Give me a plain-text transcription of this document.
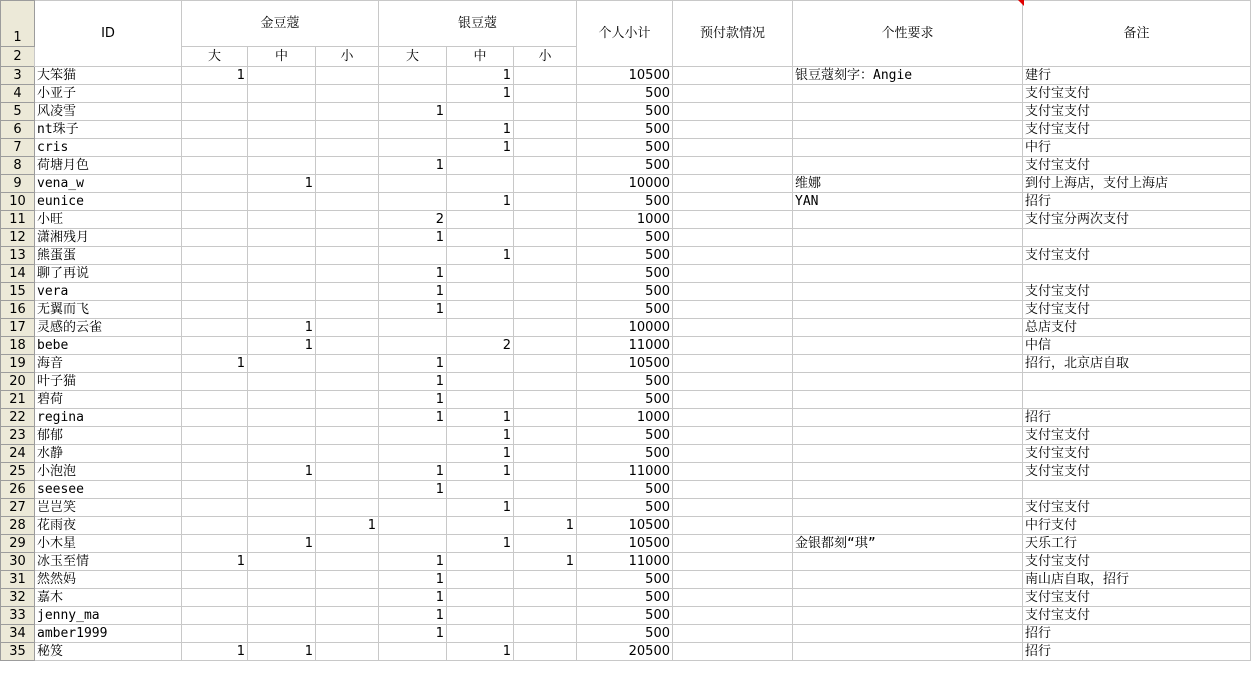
1	ID	金豆蔻			银豆蔻			个人小计	预付款情况	个性要求	备注
2		大	中	小	大	中	小				
3	大笨猫	1				1		10500		银豆蔻刻字：Angie	建行
4	小亚子					1		500			支付宝支付
5	风凌雪				1			500			支付宝支付
6	nt珠子					1		500			支付宝支付
7	cris					1		500			中行
8	荷塘月色				1			500			支付宝支付
9	vena_w		1					10000		维娜	到付上海店，支付上海店
10	eunice					1		500		YAN	招行
11	小旺				2			1000			支付宝分两次支付
12	潇湘残月				1			500			
13	熊蛋蛋					1		500			支付宝支付
14	聊了再说				1			500			
15	vera				1			500			支付宝支付
16	无翼而飞				1			500			支付宝支付
17	灵感的云雀		1					10000			总店支付
18	bebe		1			2		11000			中信
19	海音	1			1			10500			招行，北京店自取
20	叶子猫				1			500			
21	碧荷				1			500			
22	regina				1	1		1000			招行
23	郁郁					1		500			支付宝支付
24	水静					1		500			支付宝支付
25	小泡泡		1		1	1		11000			支付宝支付
26	seesee				1			500			
27	岂岂笑					1		500			支付宝支付
28	花雨夜			1			1	10500			中行支付
29	小木星		1			1		10500		金银都刻“琪”	天乐工行
30	冰玉至情	1			1		1	11000			支付宝支付
31	然然妈				1			500			南山店自取，招行
32	嘉木				1			500			支付宝支付
33	jenny_ma				1			500			支付宝支付
34	amber1999				1			500			招行
35	秘笈	1	1			1		20500			招行
